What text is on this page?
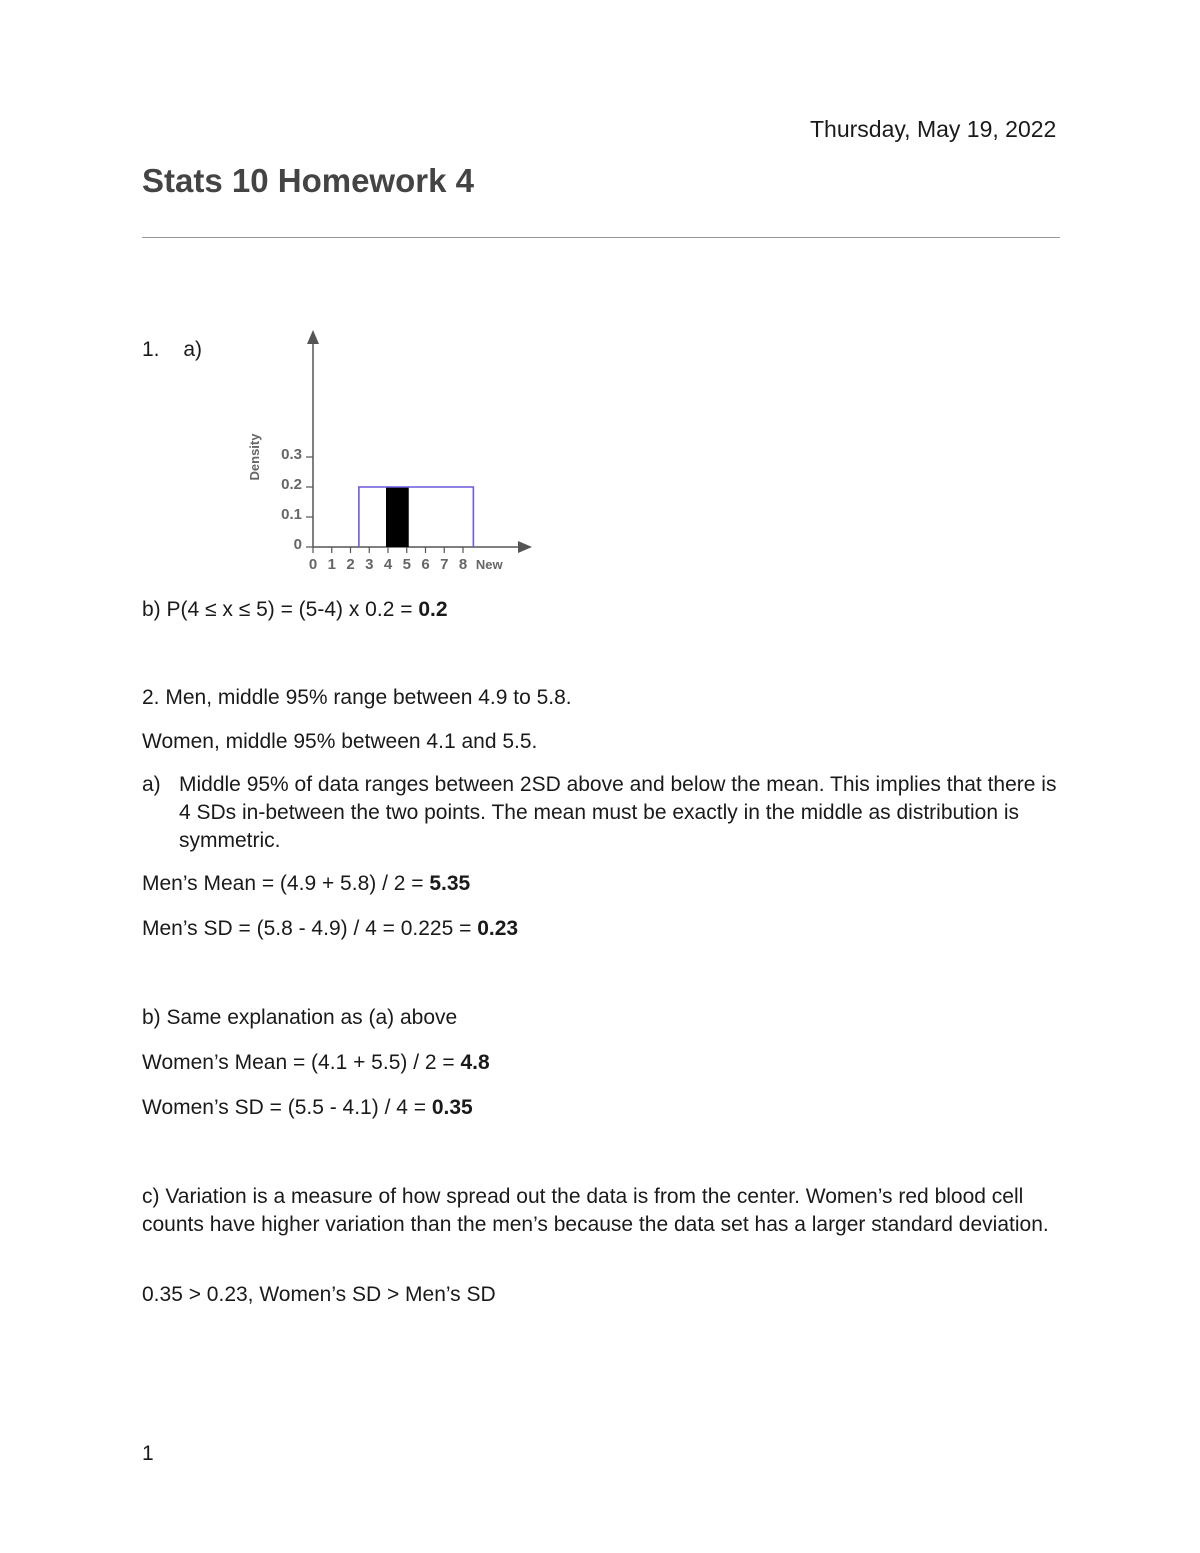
Thursday, May 19, 2022
Stats 10 Homework 4
1. a)
0
0.1
0.2
0.3
0 1 2 3 4 5 6 7 8 New
Density
b) P(4 ≤ x ≤ 5) = (5-4) x 0.2 = 0.2
2. Men, middle 95% range between 4.9 to 5.8.
Women, middle 95% between 4.1 and 5.5.
a) Middle 95% of data ranges between 2SD above and below the mean. This implies that there is 4 SDs in-between the two points. The mean must be exactly in the middle as distribution is symmetric.
Men’s Mean = (4.9 + 5.8) / 2 = 5.35
Men’s SD = (5.8 - 4.9) / 4 = 0.225 = 0.23
b) Same explanation as (a) above
Women’s Mean = (4.1 + 5.5) / 2 = 4.8
Women’s SD = (5.5 - 4.1) / 4 = 0.35
c) Variation is a measure of how spread out the data is from the center. Women’s red blood cell counts have higher variation than the men’s because the data set has a larger standard deviation.
0.35 > 0.23, Women’s SD > Men’s SD
1
